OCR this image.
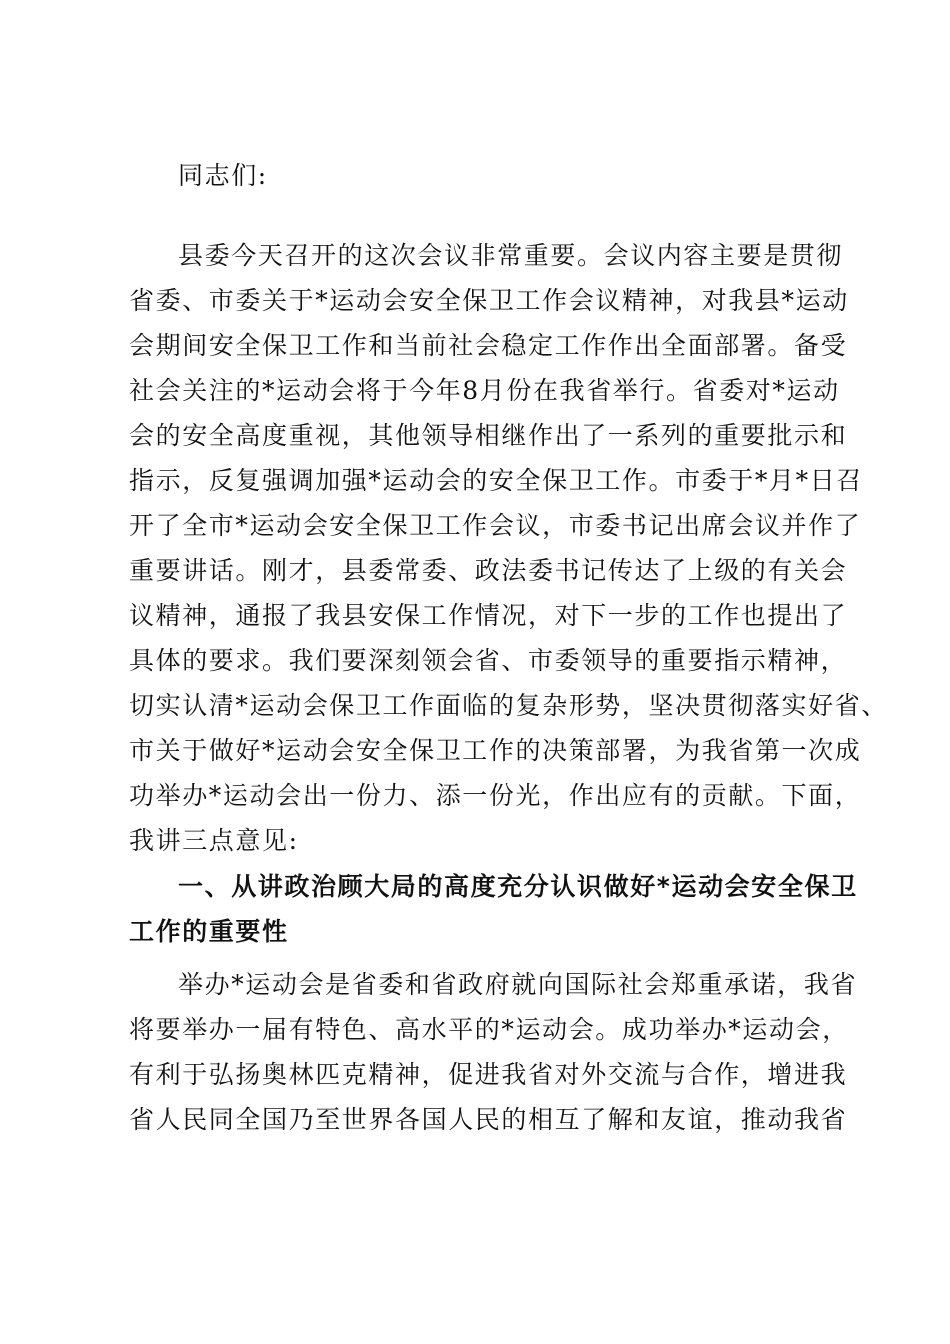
同志们:
县委今天召开的这次会议非常重要。会议内容主要是贯彻
省委、市委关于*运动会安全保卫工作会议精神，对我县*运动
会期间安全保卫工作和当前社会稳定工作作出全面部署。备受
社会关注的*运动会将于今年8月份在我省举行。省委对*运动
会的安全高度重视，其他领导相继作出了一系列的重要批示和
指示，反复强调加强*运动会的安全保卫工作。市委于*月*日召
开了全市*运动会安全保卫工作会议，市委书记出席会议并作了
重要讲话。刚才，县委常委、政法委书记传达了上级的有关会
议精神，通报了我县安保工作情况，对下一步的工作也提出了
具体的要求。我们要深刻领会省、市委领导的重要指示精神，
切实认清*运动会保卫工作面临的复杂形势，坚决贯彻落实好省、
市关于做好*运动会安全保卫工作的决策部署，为我省第一次成
功举办*运动会出一份力、添一份光，作出应有的贡献。下面，
我讲三点意见:
一、从讲政治顾大局的高度充分认识做好*运动会安全保卫
工作的重要性
举办*运动会是省委和省政府就向国际社会郑重承诺，我省
将要举办一届有特色、高水平的*运动会。成功举办*运动会，
有利于弘扬奥林匹克精神，促进我省对外交流与合作，增进我
省人民同全国乃至世界各国人民的相互了解和友谊，推动我省
